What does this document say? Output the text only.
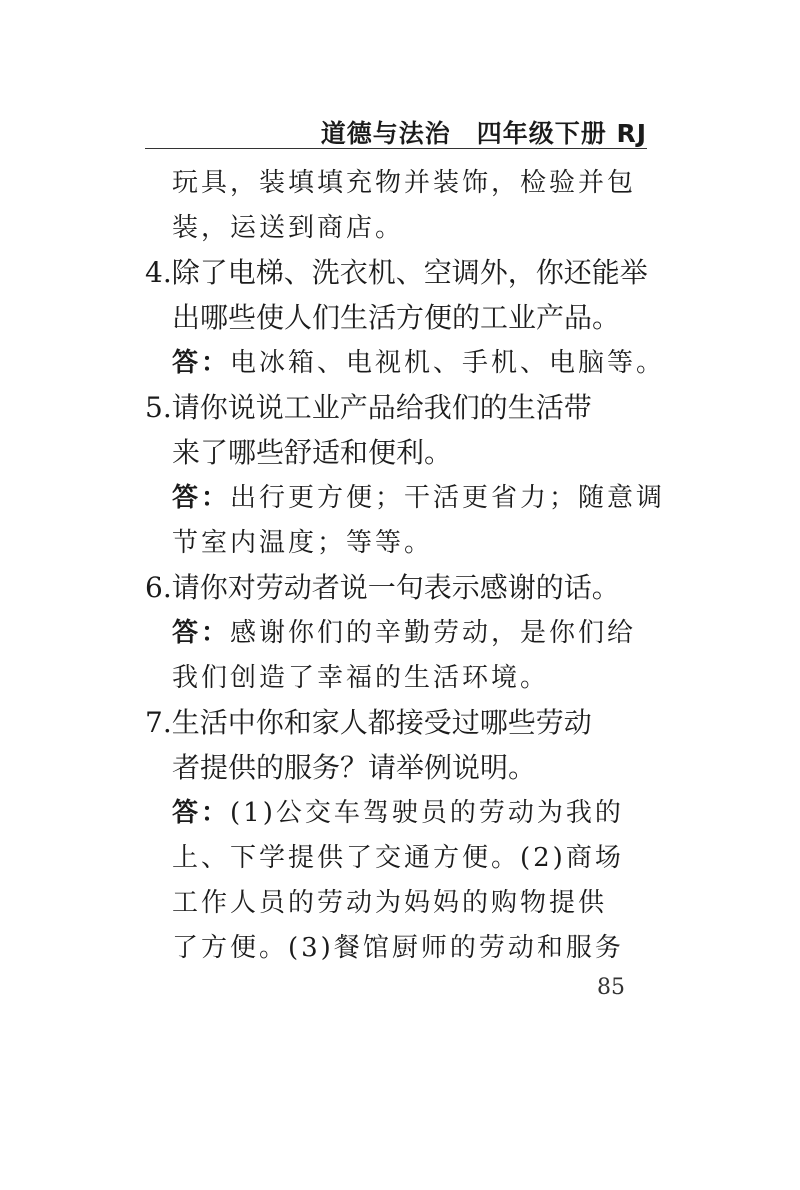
道德与法治　四年级下册 RJ
玩具，装填填充物并装饰，检验并包
装，运送到商店。
4.除了电梯、洗衣机、空调外，你还能举
出哪些使人们生活方便的工业产品。
答：电冰箱、电视机、手机、电脑等。
5.请你说说工业产品给我们的生活带
来了哪些舒适和便利。
答：出行更方便；干活更省力；随意调
节室内温度；等等。
6.请你对劳动者说一句表示感谢的话。
答：感谢你们的辛勤劳动，是你们给
我们创造了幸福的生活环境。
7.生活中你和家人都接受过哪些劳动
者提供的服务？请举例说明。
答：(1)公交车驾驶员的劳动为我的
上、下学提供了交通方便。(2)商场
工作人员的劳动为妈妈的购物提供
了方便。(3)餐馆厨师的劳动和服务
85
